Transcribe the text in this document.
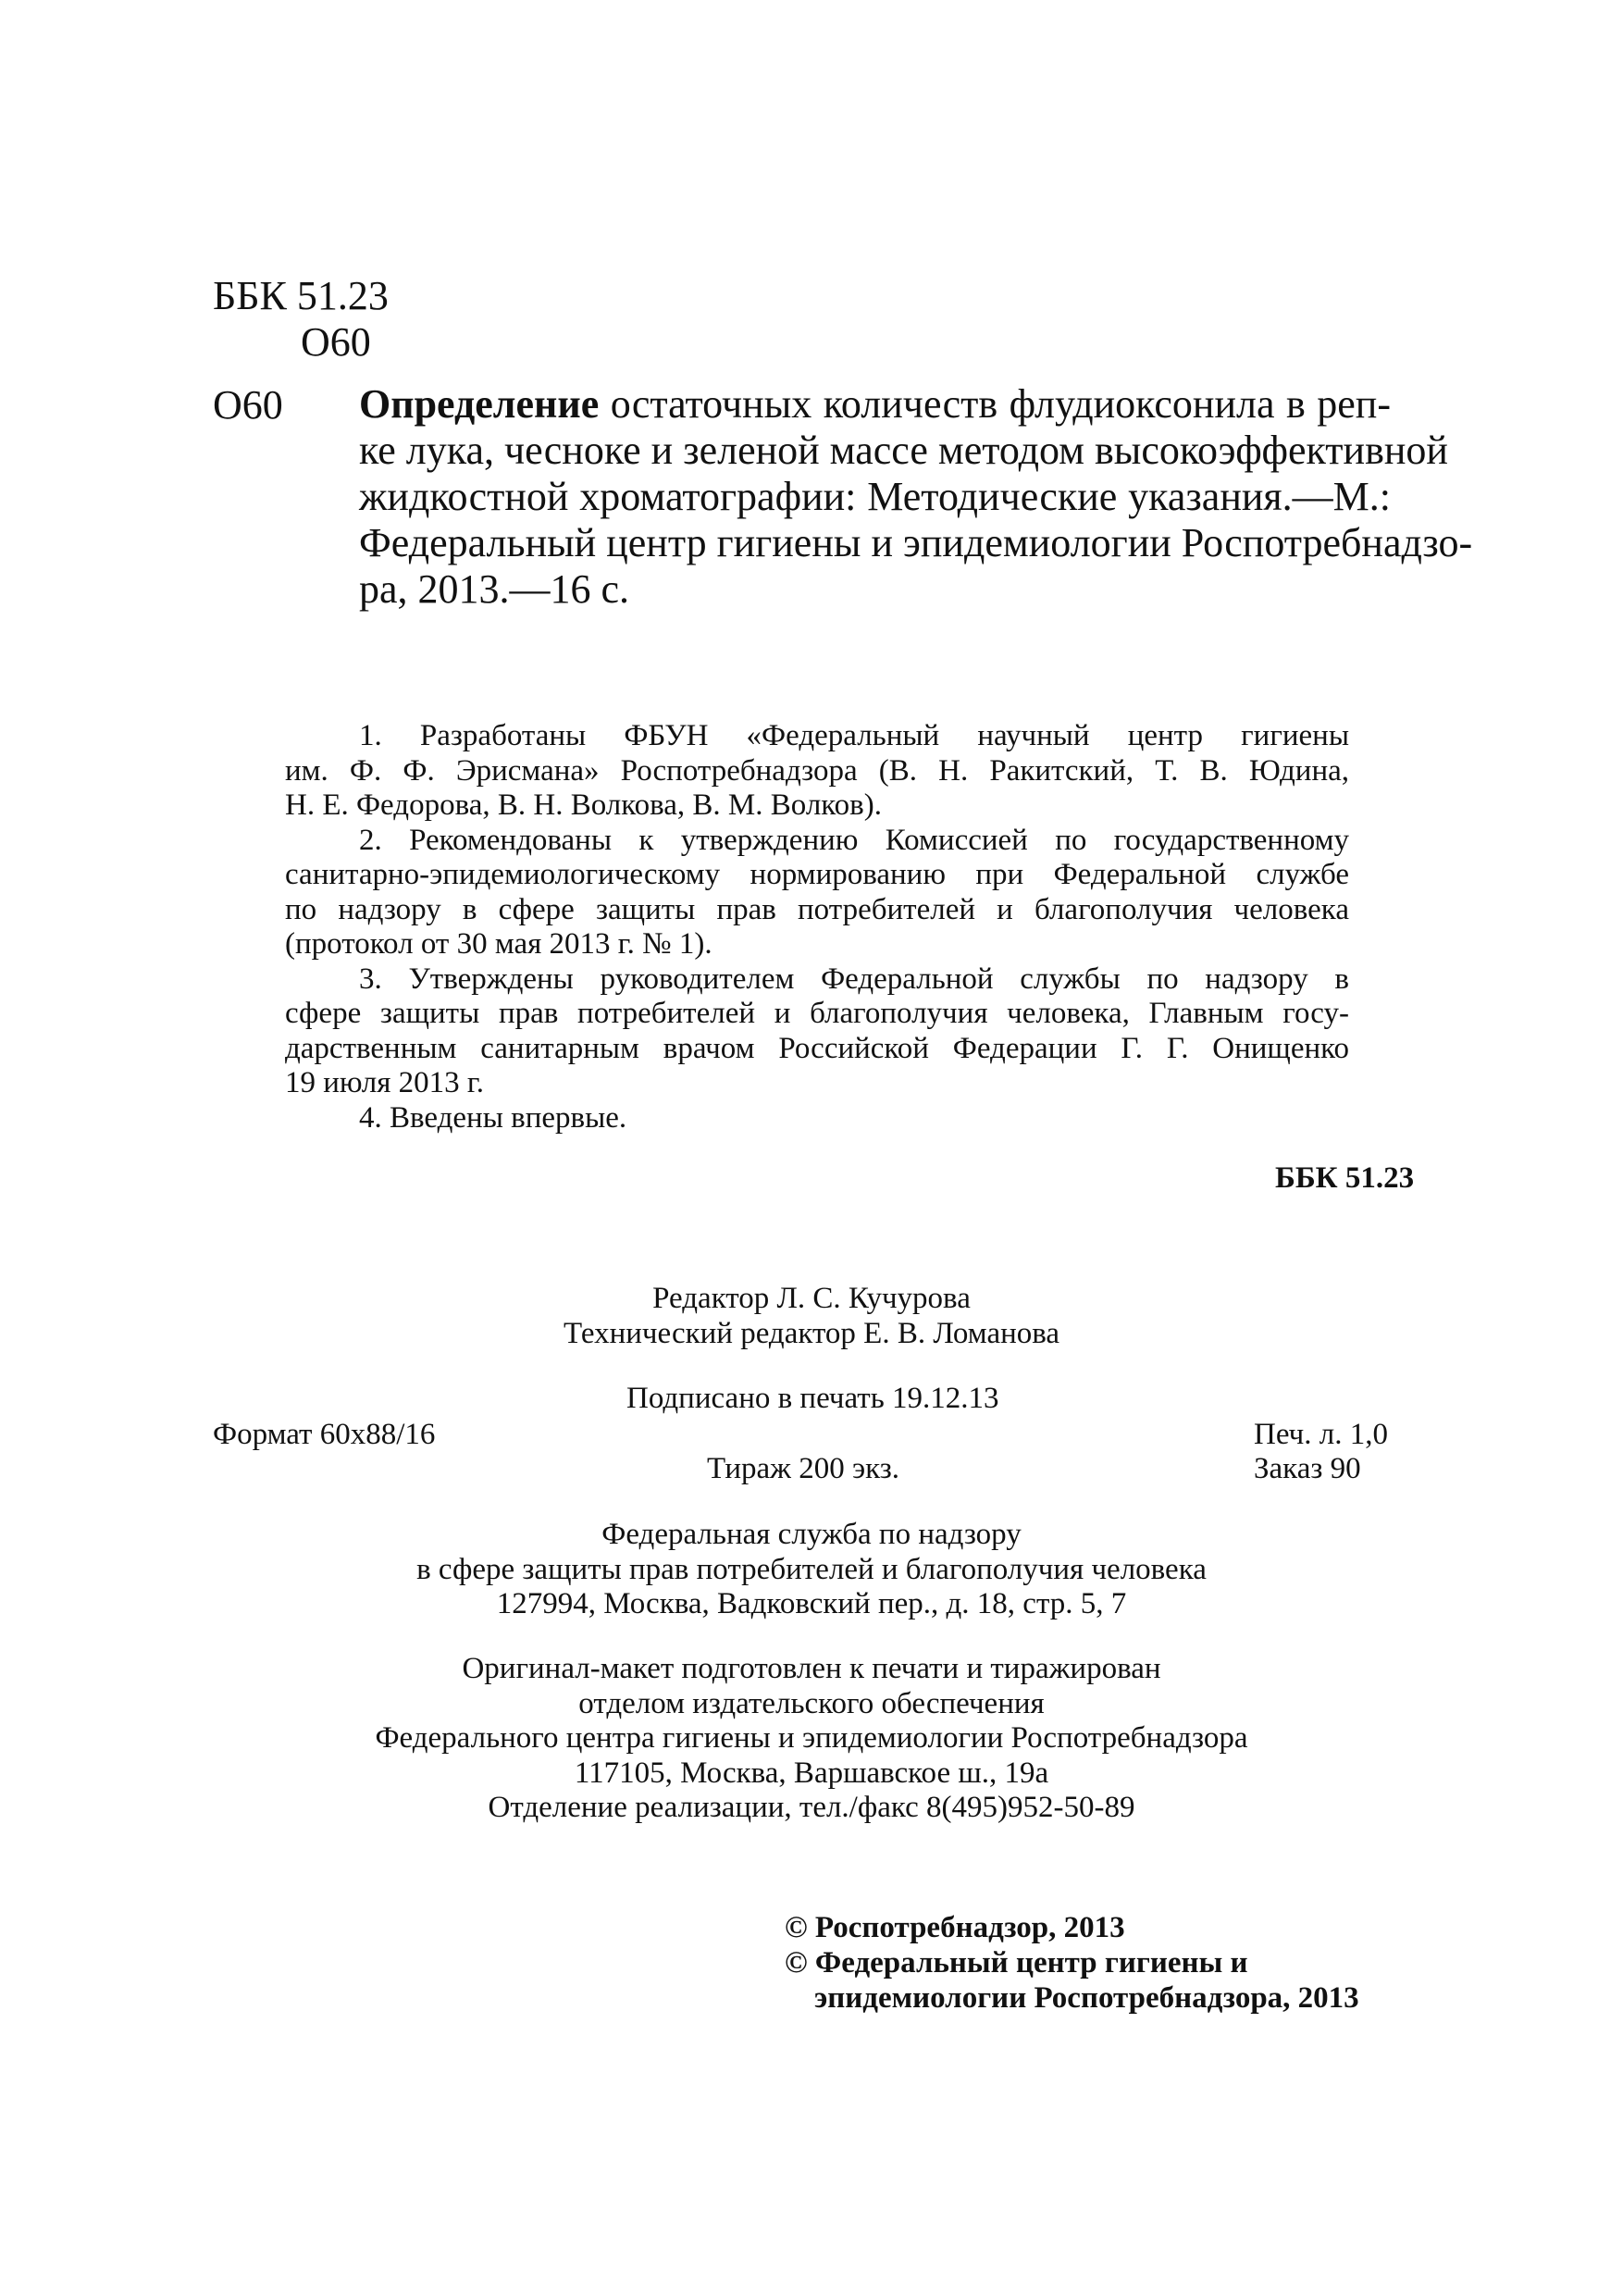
ББК 51.23
О60
О60 Определение остаточных количеств флудиоксонила в реп-
ке лука, чесноке и зеленой массе методом высокоэффективной
жидкостной хроматографии: Методические указания.—М.:
Федеральный центр гигиены и эпидемиологии Роспотребнадзо-
ра, 2013.—16 с.
1. Разработаны ФБУН «Федеральный научный центр гигиены
им. Ф. Ф. Эрисмана» Роспотребнадзора (В. Н. Ракитский, Т. В. Юдина,
Н. Е. Федорова, В. Н. Волкова, В. М. Волков).
2. Рекомендованы к утверждению Комиссией по государственному
санитарно-эпидемиологическому нормированию при Федеральной службе
по надзору в сфере защиты прав потребителей и благополучия человека
(протокол от 30 мая 2013 г. № 1).
3. Утверждены руководителем Федеральной службы по надзору в
сфере защиты прав потребителей и благополучия человека, Главным госу-
дарственным санитарным врачом Российской Федерации Г. Г. Онищенко
19 июля 2013 г.
4. Введены впервые.
ББК 51.23
Редактор Л. С. Кучурова
Технический редактор Е. В. Ломанова
Подписано в печать 19.12.13
Формат 60x88/16	Печ. л. 1,0
Тираж 200 экз.	Заказ 90
Федеральная служба по надзору
в сфере защиты прав потребителей и благополучия человека
127994, Москва, Вадковский пер., д. 18, стр. 5, 7
Оригинал-макет подготовлен к печати и тиражирован
отделом издательского обеспечения
Федерального центра гигиены и эпидемиологии Роспотребнадзора
117105, Москва, Варшавское ш., 19а
Отделение реализации, тел./факс 8(495)952-50-89
© Роспотребнадзор, 2013
© Федеральный центр гигиены и
эпидемиологии Роспотребнадзора, 2013
